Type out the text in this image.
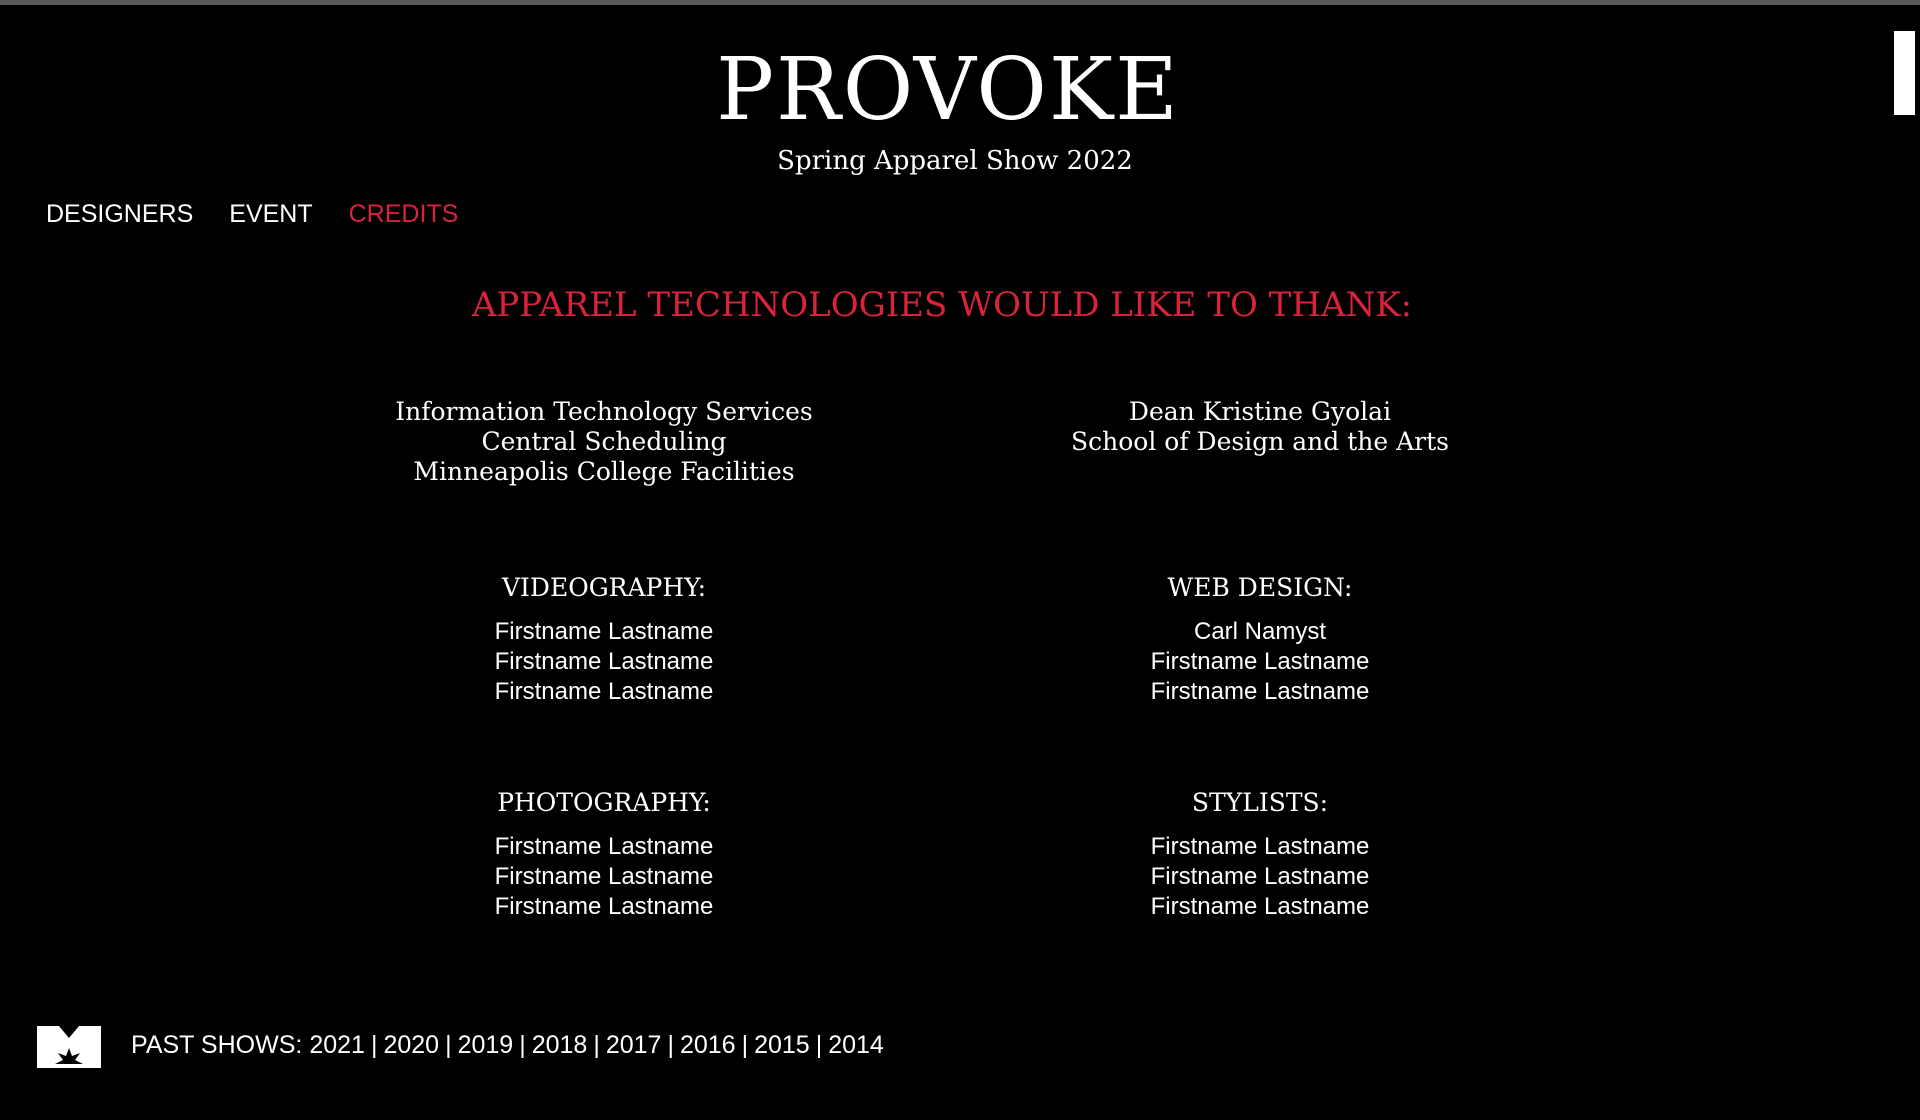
PROVOKE
Spring Apparel Show 2022
DESIGNERS EVENT CREDITS
APPAREL TECHNOLOGIES WOULD LIKE TO THANK:
Information Technology Services
Central Scheduling
Minneapolis College Facilities
Dean Kristine Gyolai
School of Design and the Arts
VIDEOGRAPHY:
Firstname Lastname
Firstname Lastname
Firstname Lastname
WEB DESIGN:
Carl Namyst
Firstname Lastname
Firstname Lastname
PHOTOGRAPHY:
Firstname Lastname
Firstname Lastname
Firstname Lastname
STYLISTS:
Firstname Lastname
Firstname Lastname
Firstname Lastname
PAST SHOWS: 2021 | 2020 | 2019 | 2018 | 2017 | 2016 | 2015 | 2014
